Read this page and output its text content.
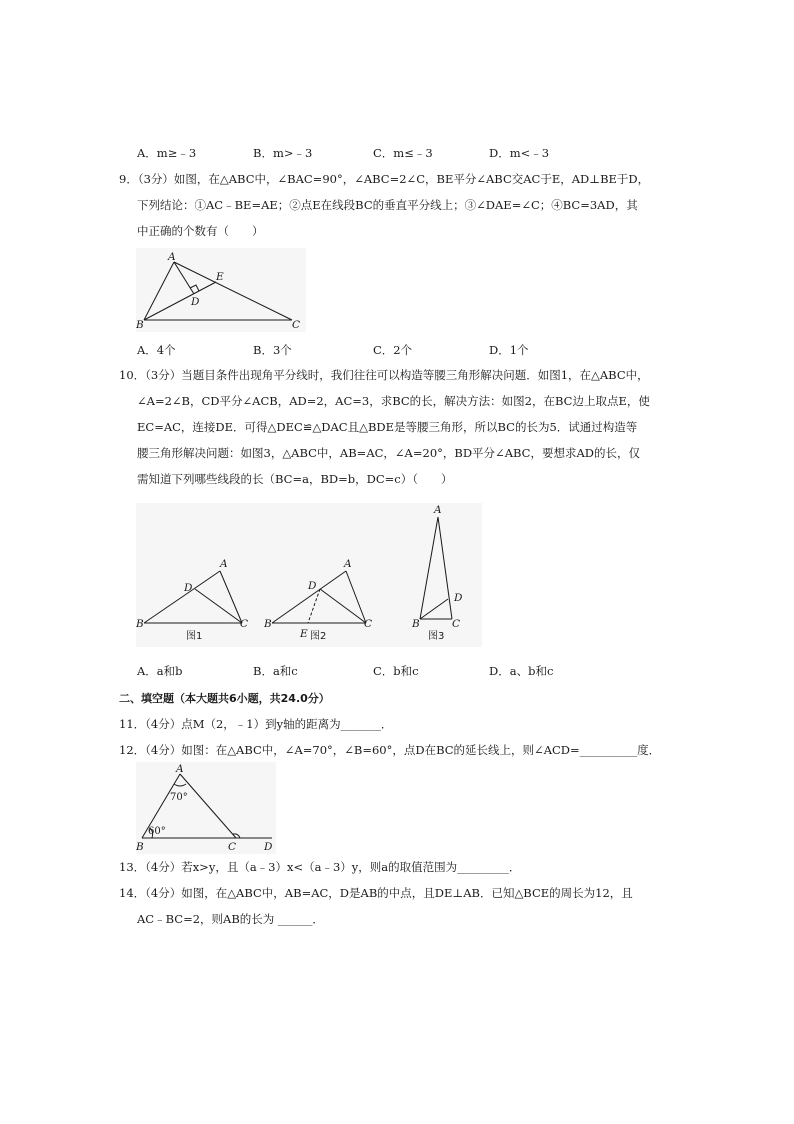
A．m≥﹣3	B．m>﹣3	C．m≤﹣3	D．m<﹣3
9．（3分）如图，在△ABC中，∠BAC=90°，∠ABC=2∠C，BE平分∠ABC交AC于E，AD⊥BE于D，
下列结论：①AC﹣BE=AE；②点E在线段BC的垂直平分线上；③∠DAE=∠C；④BC=3AD，其
中正确的个数有（　　）
A
B	C
D
E
A．4个	B．3个	C．2个	D．1个
10．（3分）当题目条件出现角平分线时，我们往往可以构造等腰三角形解决问题．如图1，在△ABC中，
∠A=2∠B，CD平分∠ACB，AD=2，AC=3，求BC的长，解决方法：如图2，在BC边上取点E，使
EC=AC，连接DE．可得△DEC≌△DAC且△BDE是等腰三角形，所以BC的长为5．试通过构造等
腰三角形解决问题：如图3，△ABC中，AB=AC，∠A=20°，BD平分∠ABC，要想求AD的长，仅
需知道下列哪些线段的长（BC=a，BD=b，DC=c）（　　）
B	C
A
D
图1
B	C
A
D
E 图2
A
B	C
D
图3
A．a和b	B．a和c	C．b和c	D．a、b和c
二、填空题（本大题共6小题，共24.0分）
11．（4分）点M（2，﹣1）到y轴的距离为_______．
12．（4分）如图：在△ABC中，∠A=70°，∠B=60°，点D在BC的延长线上，则∠ACD=__________度．
A
B	C	D
70°
60°
13．（4分）若x>y，且（a﹣3）x<（a﹣3）y，则a的取值范围为_________．
14．（4分）如图，在△ABC中，AB=AC，D是AB的中点，且DE⊥AB．已知△BCE的周长为12，且
AC﹣BC=2，则AB的长为 ______．
